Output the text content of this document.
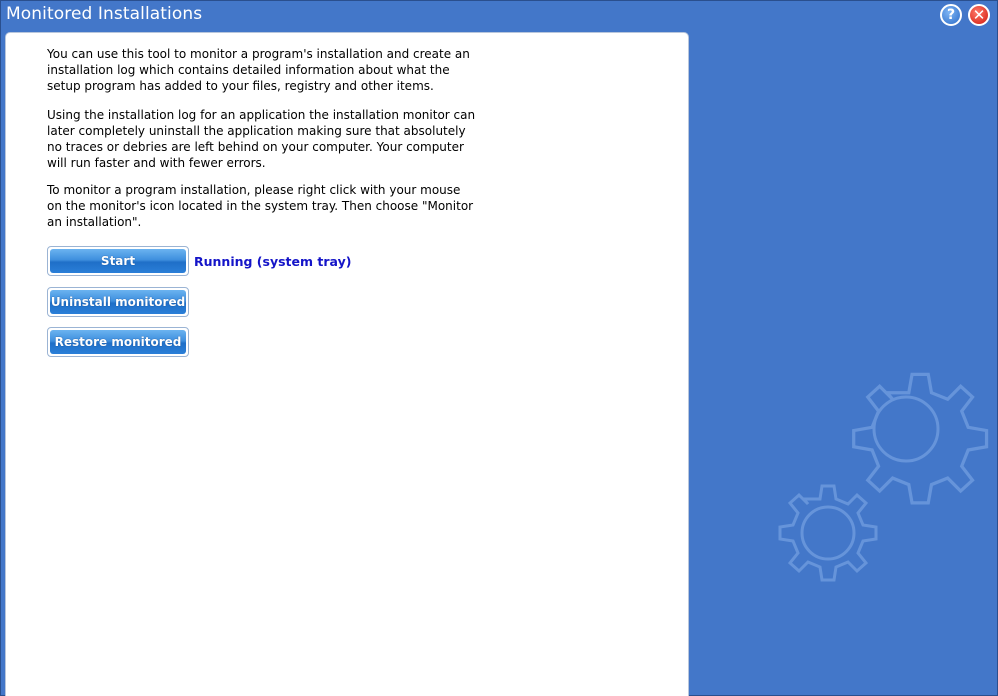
Monitored Installations	? ✕

You can use this tool to monitor a program's installation and create an installation log which contains detailed information about what the setup program has added to your files, registry and other items.

Using the installation log for an application the installation monitor can later completely uninstall the application making sure that absolutely no traces or debries are left behind on your computer. Your computer will run faster and with fewer errors.

To monitor a program installation, please right click with your mouse on the monitor's icon located in the system tray. Then choose "Monitor an installation".

Start	Running (system tray)
Uninstall monitored
Restore monitored
